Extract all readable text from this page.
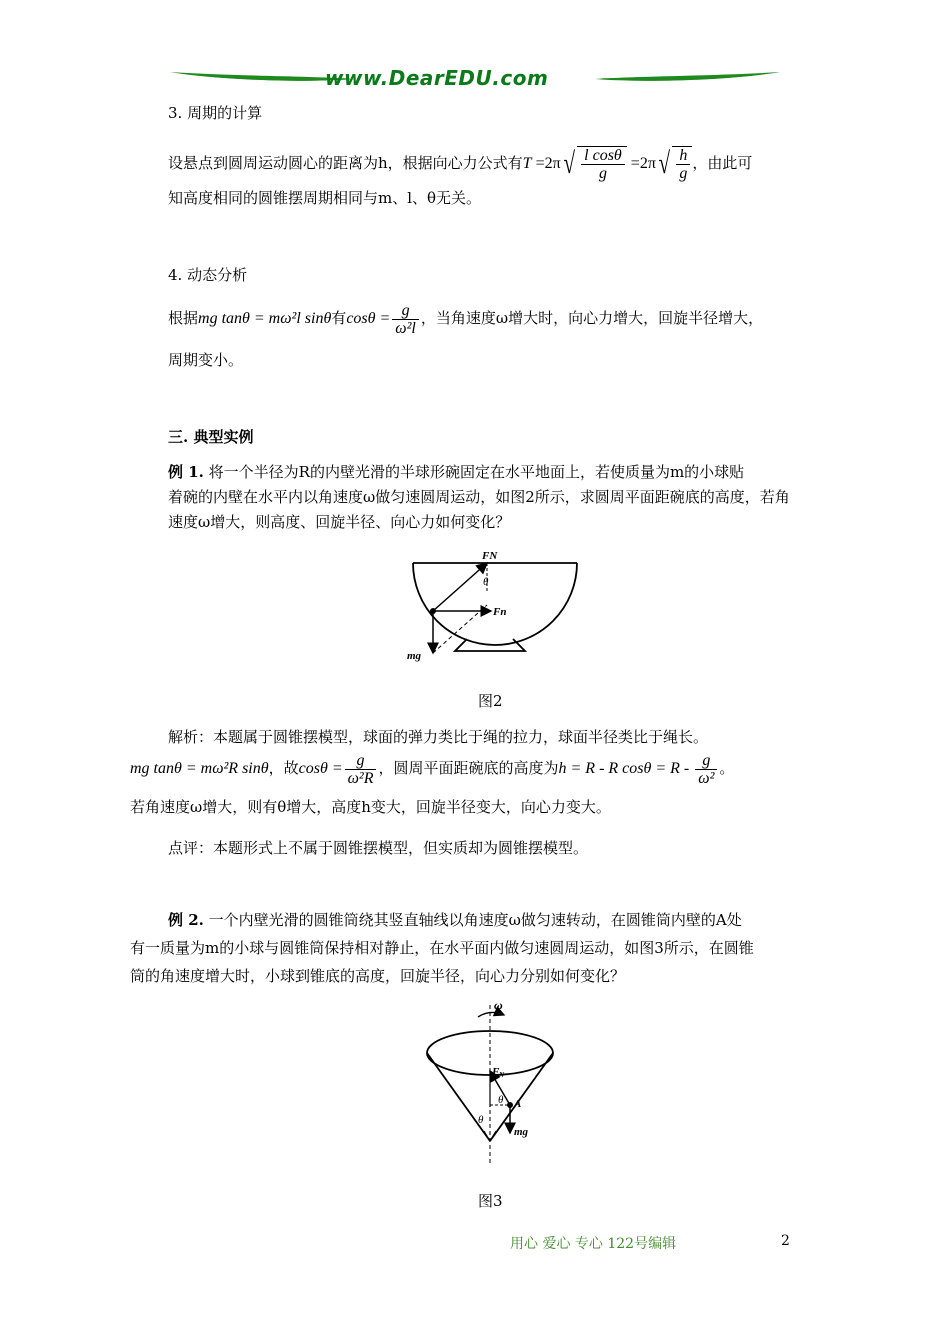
www.DearEDU.com
3. 周期的计算
设悬点到圆周运动圆心的距离为h，根据向心力公式有$T =2\pi√ \frac{\text{l cosθ}}{g} =2\pi√ \frac{h}{g}$ ，由此可
知高度相同的圆锥摆周期相同与m、l、θ无关。
4. 动态分析
根据mg tanθ = mω²l sinθ有$\cos\theta = \frac{g}{\text{ω²l}}$ ，当角速度ω增大时，向心力增大，回旋半径增大，
周期变小。
三. 典型实例
例 1. 将一个半径为R的内壁光滑的半球形碗固定在水平地面上，若使质量为m的小球贴
着碗的内壁在水平内以角速度ω做匀速圆周运动，如图2所示，求圆周平面距碗底的高度，若角
速度ω增大，则高度、回旋半径、向心力如何变化？
FN
θ
Fn
mg
图2
解析：本题属于圆锥摆模型，球面的弹力类比于绳的拉力，球面半径类比于绳长。
mg tanθ = mω²R sinθ，故$\cos\theta = \frac{g}{\text{ω²R}}$ ，圆周平面距碗底的高度为h = R - R $\cos\theta = R - \frac{g}{\text{ω²}}$ 。
若角速度ω增大，则有θ增大，高度h变大，回旋半径变大，向心力变大。
点评：本题形式上不属于圆锥摆模型，但实质却为圆锥摆模型。
例 2. 一个内壁光滑的圆锥筒绕其竖直轴线以角速度ω做匀速转动，在圆锥筒内壁的A处
有一质量为m的小球与圆锥筒保持相对静止，在水平面内做匀速圆周运动，如图3所示，在圆锥
筒的角速度增大时，小球到锥底的高度，回旋半径，向心力分别如何变化？
ω
F N
θ
θ
A
mg
图3
用心 爱心 专心 122号编辑	2
